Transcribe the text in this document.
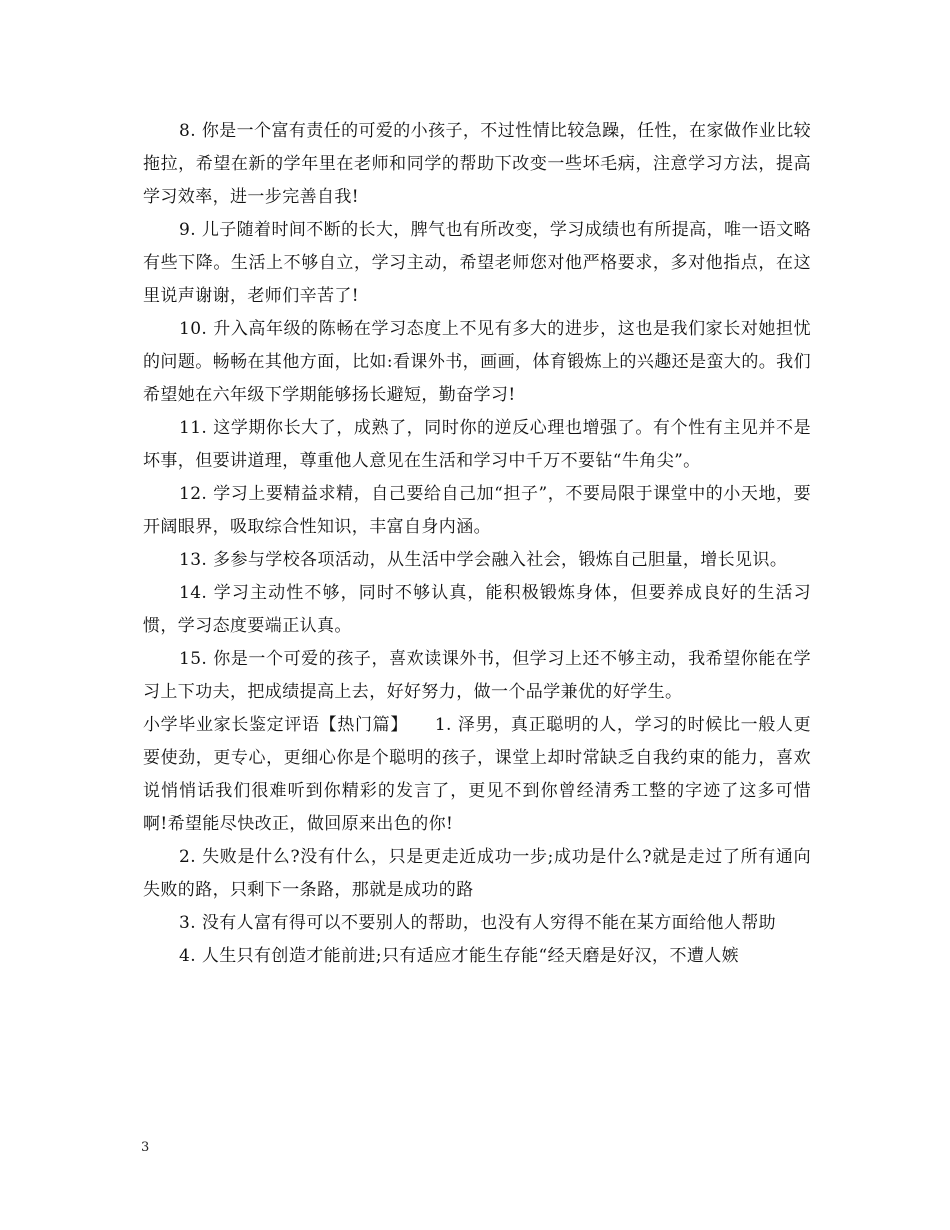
8. 你是一个富有责任的可爱的小孩子，不过性情比较急躁，任性，在家做作业比较拖拉，希望在新的学年里在老师和同学的帮助下改变一些坏毛病，注意学习方法，提高学习效率，进一步完善自我!

9. 儿子随着时间不断的长大，脾气也有所改变，学习成绩也有所提高，唯一语文略有些下降。生活上不够自立，学习主动，希望老师您对他严格要求，多对他指点，在这里说声谢谢，老师们辛苦了!

10. 升入高年级的陈畅在学习态度上不见有多大的进步，这也是我们家长对她担忧的问题。畅畅在其他方面，比如:看课外书，画画，体育锻炼上的兴趣还是蛮大的。我们希望她在六年级下学期能够扬长避短，勤奋学习!

11. 这学期你长大了，成熟了，同时你的逆反心理也增强了。有个性有主见并不是坏事，但要讲道理，尊重他人意见在生活和学习中千万不要钻“牛角尖”。

12. 学习上要精益求精，自己要给自己加“担子”，不要局限于课堂中的小天地，要开阔眼界，吸取综合性知识，丰富自身内涵。

13. 多参与学校各项活动，从生活中学会融入社会，锻炼自己胆量，增长见识。

14. 学习主动性不够，同时不够认真，能积极锻炼身体，但要养成良好的生活习惯，学习态度要端正认真。

15. 你是一个可爱的孩子，喜欢读课外书，但学习上还不够主动，我希望你能在学习上下功夫，把成绩提高上去，好好努力，做一个品学兼优的好学生。

小学毕业家长鉴定评语【热门篇】　　1. 泽男，真正聪明的人，学习的时候比一般人更要使劲，更专心，更细心你是个聪明的孩子，课堂上却时常缺乏自我约束的能力，喜欢说悄悄话我们很难听到你精彩的发言了，更见不到你曾经清秀工整的字迹了这多可惜啊!希望能尽快改正，做回原来出色的你!

2. 失败是什么?没有什么，只是更走近成功一步;成功是什么?就是走过了所有通向失败的路，只剩下一条路，那就是成功的路

3. 没有人富有得可以不要别人的帮助，也没有人穷得不能在某方面给他人帮助

4. 人生只有创造才能前进;只有适应才能生存能“经天磨是好汉，不遭人嫉

3
